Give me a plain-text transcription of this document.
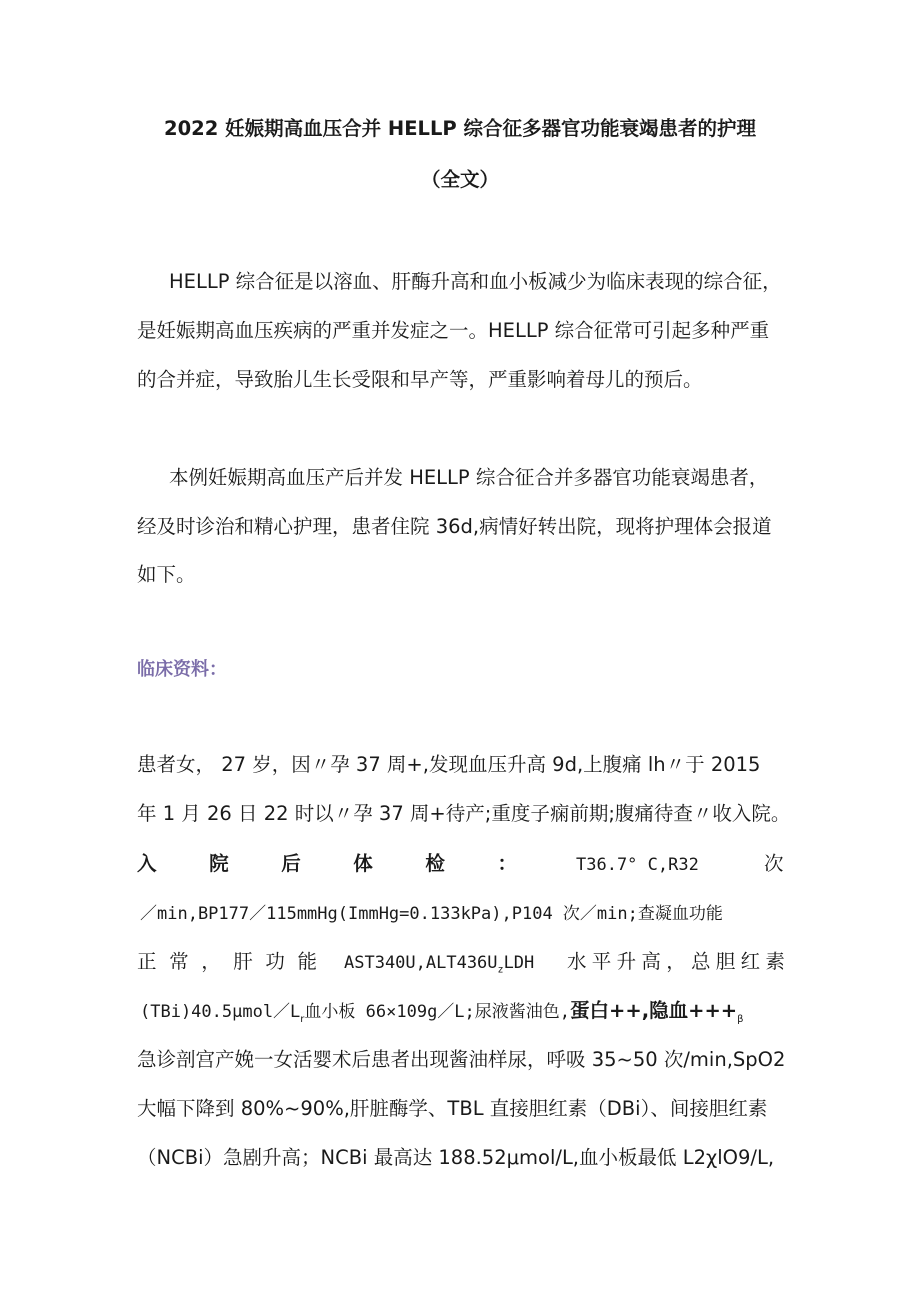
2022 妊娠期高血压合并 HELLP 综合征多器官功能衰竭患者的护理

（全文）

HELLP 综合征是以溶血、肝酶升高和血小板减少为临床表现的综合征，

是妊娠期高血压疾病的严重并发症之一。HELLP 综合征常可引起多种严重

的合并症，导致胎儿生长受限和早产等，严重影响着母儿的预后。

本例妊娠期高血压产后并发 HELLP 综合征合并多器官功能衰竭患者，

经及时诊治和精心护理，患者住院 36d,病情好转出院，现将护理体会报道

如下。

临床资料：

患者女， 27 岁，因〃孕 37 周+,发现血压升高 9d,上腹痛 lh〃于 2015

年 1 月 26 日 22 时以〃孕 37 周+待产;重度子痫前期;腹痛待查〃收入院。

入	院	后	体	检	：	T36.7° C,R32	次

／min,BP177／115mmHg(ImmHg=0.133kPa),P104 次／min;查凝血功能

正 常 ， 肝 功 能 $AST340U,ALT436U_zLDH$ 水 平 升 高 ， 总 胆 红 素

$(TBi)40.5\mu mol/L_r$血小板 66×109g／L;尿液酱油色,蛋白++,隐血$+++_\beta$

急诊剖宫产娩一女活婴术后患者出现酱油样尿，呼吸 35~50 次/min,SpO2

大幅下降到 80%~90%,肝脏酶学、TBL 直接胆红素（DBi）、间接胆红素

（NCBi）急剧升高；NCBi 最高达 188.52μmol/L,血小板最低 L2χlO9/L,
